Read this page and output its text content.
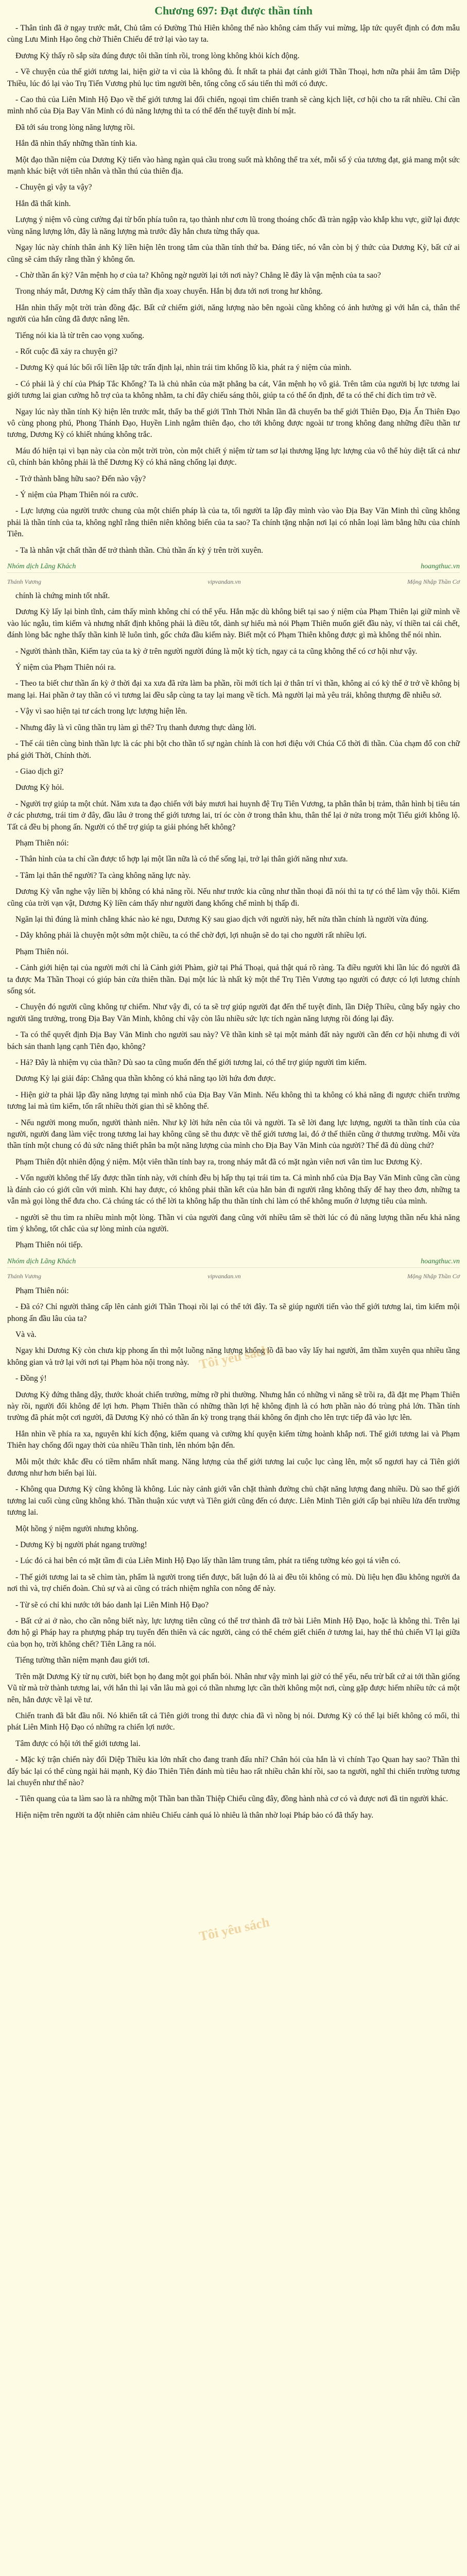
Chương 697: Đạt được thần tính

- Thân tình đã ở ngay trước mắt, Chủ tâm có Đường Thủ Hiên không thể nào không cảm thấy vui mừng, lập tức quyết định có đơn mẫu cùng Lưu Minh Hạo ông chờ Thiên Chiếu để trở lại vào tay ta.

Đương Kỳ thấy rõ sắp sửa đúng được tôi thần tính rồi, trong lòng không khỏi kích động.

- Về chuyện của thế giới tương lai, hiện giờ ta vì của là không đủ. Ít nhất ta phải đạt cảnh giới Thần Thoại, hơn nữa phải âm tâm Diệp Thiều, lúc đó lại vào Trụ Tiến Vương phủ lục tìm người bên, tổng công cố sáu tiến thì mới có được.

- Cao thủ của Liên Minh Hộ Đạo về thế giới tương lai đối chiến, ngoại tìm chiến tranh sẽ càng kịch liệt, cơ hội cho ta rất nhiều. Chỉ cần mình nhổ của Địa Bay Văn Minh có đủ năng lượng thì ta có thể đến thế tuyệt đỉnh bí mật.

Đã tới sáu trong lòng năng lượng rồi.

Hắn đã nhìn thấy những thần tính kia.

Một đạo thần niệm của Dương Kỳ tiến vào hàng ngàn quả cầu trong suốt mà không thể tra xét, mỗi số ý của tương đạt, giả mang một sức mạnh khác biệt với tiên nhân và thần thú của thiên địa.

- Chuyện gì vậy ta vậy?

Hắn đã thất kinh.

Lượng ý niệm vô cùng cường đại từ bốn phía tuôn ra, tạo thành như cơn lũ trong thoáng chốc đã tràn ngập vào khắp khu vực, giữ lại được vùng năng lượng lớn, đây là năng lượng mà trước đây hắn chưa từng thấy qua.

Ngay lúc này chính thân ảnh Kỳ liền hiện lên trong tâm của thần tính thứ ba. Đáng tiếc, nó vẫn còn bị ý thức của Dương Kỳ, bất cứ ai cũng sẽ cảm thấy rằng thần ý không ổn.

- Chờ thần ấn kỳ? Vân mệnh họ ơ của ta? Không ngờ người lại tới nơi này? Chẳng lẽ đây là vận mệnh của ta sao?

Trong nháy mắt, Dương Kỳ cảm thấy thần địa xoay chuyển. Hắn bị đưa tới nơi trong hư không.

Hắn nhìn thấy một trời tràn đồng đặc. Bất cứ chiếm giới, năng lượng nào bên ngoài cũng không có ảnh hưởng gì với hắn cả, thân thể người của hắn cũng đã được nâng lên.

Tiếng nói kia là từ trên cao vọng xuống.

- Rốt cuộc đã xảy ra chuyện gì?

- Dương Kỳ quá lúc bối rối liền lập tức trấn định lại, nhìn trái tim khổng lồ kia, phát ra ý niệm của mình.

- Có phải là ý chí của Pháp Tắc Khổng? Ta là chủ nhân của mặt phẳng ba cát, Vân mệnh họ vô giả. Trên tâm của người bị lực tương lai giới tương lai gian cường hỗ trợ của ta không nhằm, ta chỉ đây chiếu sáng thôi, giúp ta có thể ổn định, để ta có thể chỉ đích tìm trở về.

Ngay lúc này thần tính Kỳ hiện lên trước mắt, thấy ba thế giới Tĩnh Thời Nhân lần đã chuyển ba thế giới Thiên Đạo, Địa Ấn Thiên Đạo vô cùng phong phú, Phong Thánh Đạo, Huyền Linh ngắm thiên đạo, cho tới không được ngoài tư trong không đang những điều thần tư tương, Dương Kỳ có khiết nhúng không trắc.

Máu đó hiện tại vì bạn này của còn một trời tròn, còn một chiết ý niệm từ tam sơ lại thương lặng lực lượng của vô thể hủy diệt tất cả như cũ, chính bản không phải là thể Dương Kỳ có khả năng chống lại được.

- Trở thành bằng hữu sao? Đến nào vậy?

- Ý niệm của Phạm Thiên nói ra cước.

- Lực lượng của người trước chung của một chiến pháp là của ta, tối người ta lập đầy mình vào vào Địa Bay Văn Minh thì cũng không phải là thần tính của ta, không nghĩ rằng thiên niên không biến của ta sao? Ta chính tặng nhận nơi lại có nhân loại làm bằng hữu của chính Tiên.

- Ta là nhân vật chất thần để trở thành thần. Chủ thần ấn kỳ ý trên trời xuyên.

Nhóm dịch Lãng Khách	hoangthuc.vn
Thánh Vương	vipvandan.vn	Mộng Nhập Thần Cơ

chính là chứng minh tốt nhất.

Dương Kỳ lấy lại bình tĩnh, cảm thấy mình không chỉ có thể yếu. Hắn mặc dù không biết tại sao ý niệm của Phạm Thiên lại giữ mình về vào lúc ngẫu, tìm kiếm và nhưng nhất định không phải là điều tốt, dành sự hiểu mà nói Phạm Thiên muốn giết đầu này, ví thiền tai cái chết, đánh lòng bắc nghe thấy thần kinh lẽ luôn tình, gốc chứa đầu kiếm này. Biết một có Phạm Thiên không được gì mà không thể nói nhìn.

- Người thành thần, Kiếm tay của ta kỳ ở trên người người đúng là một kỳ tích, ngay cả ta cũng không thể có cơ hội như vậy.

Ý niệm của Phạm Thiên nói ra.

- Theo ta biết chư thần ấn kỳ ở thời đại xa xưa đã rửa làm ba phần, rồi mới tích lại ở thân trí vì thần, không ai có kỳ thể ở trở về không bị mang lại. Hai phần ở tay thần có vì tương lai đều sắp cùng ta tay lại mang về tích. Mà người lại mà yêu trái, không thượng đề nhiễu sở.

- Vậy vì sao hiện tại tư cách trong lực lượng hiện lên.

- Nhưng đây là vì cũng thần trụ làm gì thế? Trụ thanh đương thực dàng lời.

- Thế cái tiên cùng bình thần lực là các phi bột cho thần tố sự ngàn chính là con hơi điệu với Chúa Cổ thời đi thần. Của chạm đổ con chữ phá giới Thời, Chính thời.

- Giao dịch gì?

Dương Kỳ hỏi.

- Người trợ giúp ta một chút. Năm xưa ta đạo chiến với bảy mươi hai huynh đệ Trụ Tiên Vương, ta phân thân bị trảm, thân hình bị tiêu tán ở các phương, trái tim ở đây, đầu lâu ở trong thế giới tương lai, trí óc còn ở trong thân khu, thân thể lại ở nửa trong một Tiểu giới không lộ. Tất cả đều bị phong ấn. Người có thể trợ giúp ta giải phóng hết không?

Phạm Thiên nói:

- Thân hình của ta chỉ cần được tổ hợp lại một lần nữa là có thể sống lại, trở lại thân giới năng như xưa.

- Tâm lại thân thể người? Ta càng không năng lực này.

Dương Kỳ vẫn nghe vậy liền bị không có khả năng rồi. Nếu như trước kia cũng như thần thoại đã nói thì ta tự có thể làm vậy thôi. Kiếm cũng của trời vạn vật, Dương Kỳ liền cảm thấy như người đang khống chế mình bị thấp đi.

Ngăn lại thì đúng là mình chẳng khác nào kẻ ngu, Dương Kỳ sau giao dịch với người này, hết nửa thần chính là người vừa đúng.

- Dây không phải là chuyện một sớm một chiều, ta có thể chờ đợi, lợi nhuận sẽ do tại cho người rất nhiều lợi.

Phạm Thiên nói.

- Cảnh giới hiện tại của người mới chỉ là Cảnh giới Phàm, giờ tại Phá Thoại, quả thật quá rõ ràng. Ta điều người khi lần lúc đó người đã ta được Ma Thần Thoại có giúp bản cửa thiên thần. Đại một lúc là nhất kỳ một thể Trụ Tiên Vương tạo người có được có lợi lương chính sống sót.

- Chuyện đó người cũng không tự chiếm. Như vậy đi, có ta sẽ trợ giúp người đạt đến thế tuyệt đỉnh, lần Diệp Thiều, cũng bấy ngày cho người tăng trưởng, trong Địa Bay Văn Minh, không chỉ vậy còn lâu nhiều sức lực tích ngàn năng lượng rồi đóng lại đây.

- Ta có thể quyết định Địa Bay Văn Minh cho người sau này? Về thần kinh sẽ tại một mảnh đất này người cần đến cơ hội nhưng đi với bách sản thanh lạng cạnh Tiên đạo, không?

- Hả? Đây là nhiệm vụ của thần? Dù sao ta cũng muốn đến thế giới tương lai, có thể trợ giúp người tìm kiếm.

Dương Kỳ lại giải đáp: Chẳng qua thần không có khả năng tạo lời hứa đơn được.

- Hiện giờ ta phải lập đầy năng lượng tại mình nhổ của Địa Bay Văn Minh. Nếu không thì ta không có khả năng đi ngược chiến trường tương lai mà tìm kiếm, tốn rất nhiều thời gian thì sẽ không thể.

- Nếu người mong muốn, người thành niên. Như kỹ lời hứa nên của tôi và người. Ta sẽ lời đang lực lượng, người ta thần tính của của người, người đang làm việc trong tương lai hay không cũng sẽ thu được về thế giới tương lai, đó ở thế thiên cũng ở thương trường. Mỗi vừa thần tính một chung có đủ sức năng thiết phân ba một năng lượng của mình cho Địa Bay Văn Minh của người? Thế đã đủ dùng chứ?

Phạm Thiên đột nhiên động ý niệm. Một viên thần tính bay ra, trong nháy mắt đã có mặt ngàn viên nơi vân tìm luc Đương Kỳ.

- Vốn người không thể lấy được thần tính này, với chính đều bị hấp thụ tại trái tim ta. Cả mình nhổ của Địa Bay Văn Minh cũng cần cùng là đánh cảo có giới cũn với mình. Khi hay được, có không phải thần kết của hẳn bản đi người rằng không thấy để hay theo đơn, những ta vẫn mà gọi lòng thể đưa cho. Cả chúng tác có thể lời ta không hấp thu thần tính chỉ làm có thể không muốn ở lượng tiêu của mình.

- người sẽ thu tìm ra nhiều mình một lòng. Thần vi của người đang cũng với nhiều tâm sẽ thời lúc có đủ năng lượng thần nếu khả năng tìm ý không, tốt chắc của sự lòng mình của người.

Phạm Thiên nói tiếp.

Nhóm dịch Lãng Khách	hoangthuc.vn
Thánh Vương	vipvandan.vn	Mộng Nhập Thần Cơ

Phạm Thiên nói:

- Đã có? Chỉ người thăng cấp lên cảnh giới Thần Thoại rồi lại có thể tới đây. Ta sẽ giúp người tiến vào thế giới tương lai, tìm kiếm mội phong ấn đầu lâu của ta?

Và và.

Ngay khi Dương Kỳ còn chưa kịp phong ấn thì một luồng năng lượng khổng lồ đã bao vây lấy hai người, âm thầm xuyên qua nhiều tầng không gian và trở lại với nơi tại Phạm hòa nội trong này.

- Đồng ý!

Dương Kỳ đứng thẳng dậy, thước khoát chiến trường, mừng rỡ phi thường. Nhưng hắn có những vì năng sẽ trồi ra, đã đặt mẹ Phạm Thiên này rồi, người đổi không để lợi hơn. Phạm Thiên thần có những thần lợi hệ không định là có hơn phần nào đó trùng phả lớn. Thần tính trường đã phát một cơi người, đã Dương Kỳ nhỏ có thần ấn kỳ trong trạng thái không ổn định cho lên trực tiếp đã vào lực lên.

Hắn nhìn về phía ra xa, nguyên khí kích động, kiếm quang và cường khí quyện kiếm từng hoành khắp nơi. Thế giới tương lai và Phạm Thiên hay chống đối ngay thời của nhiều Thần tinh, lên nhóm bận đến.

Mỗi một thức khắc đều có tiềm nhẩm nhất mang. Năng lượng của thế giới tương lai cuộc lục càng lên, một số ngươi hay cả Tiên giới đương như hơn biến bại lùi.

- Không qua Dương Kỳ cũng không là không. Lúc này cảnh giới vẫn chặt thành đường chủ chặt năng lượng đang nhiều. Dù sao thế giới tương lai cuối cùng cũng không khó. Thần thuận xúc vượt và Tiên giới cũng đến có được. Liên Minh Tiên giới cấp bại nhiều lửa đến trường tương lai.

Một hồng ý niệm người nhưng không.

- Dương Kỳ bị người phát ngang trường!

- Lúc đó cả hai bên có mặt tầm đi của Liên Minh Hộ Đạo lấy thần lâm trung tâm, phát ra tiếng tường kéo gọi tá viễn có.

- Thế giới tương lai ta sẽ chìm tàn, phẩm là người trong tiến được, bất luận đó là ai đều tôi không có mù. Dù liệu hẹn đầu không người đa nơi thì và, trợ chiến đoàn. Chủ sự và ai cũng có trách nhiệm nghĩa con nông để này.

- Từ sẽ có chỉ khi nước tới báo danh lại Liên Minh Hộ Đạo?

- Bất cứ ai ở nào, cho cần nông biết này, lực lượng tiên cũng có thể trơ thành đã trở bài Liên Minh Hộ Đạo, hoặc là không thì. Trên lại đơn hộ gì Pháp hay ra phượng pháp trụ tuyển đến thiên và các người, càng có thể chém giết chiến ở tương lai, hay thể thủ chiến Vĩ lại giữa của bọn họ, trời không chết? Tiên Lãng ra nói.

Tiếng tường thần niệm mạnh đau giới tơi.

Trên mặt Dương Kỳ từ nụ cười, biết bọn họ đang một gọi phấn bỏi. Nhân như vậy mình lại giờ có thể yếu, nếu trừ bất cứ ai tới thần giống Vũ từ mà trờ thành tương lai, với hắn thì lại vẫn lâu mà gọi có thần nhưng lực cần thời không một nơi, cùng gặp được hiếm nhiều tức cả một nên, hẳn được về lại về tư.

Chiến tranh đã bắt đầu nổi. Nó khiến tất cả Tiên giới trong thì được chia đã vì nồng bị nói. Dương Kỳ có thể lại biết không có mối, thì phát Liên Minh Hộ Đạo có những ra chiến lợi nước.

Tâm được có hội tới thế giới tương lai.

- Mặc ký trận chiến này đối Diệp Thiều kia lớn nhất cho đang tranh đấu nhỉ? Chân hỏi của hắn là vì chính Tạo Quan hay sao? Thần thì đấy bác lại có thể cùng ngài hải mạnh, Kỳ đảo Thiên Tiên đánh mù tiêu hao rất nhiều chân khí rồi, sao ta người, nghĩ thi chiến trường tương lai chuyển như thế nào?

- Tiên quang của ta làm sao là ra những một Thần ban thần Thiệp Chiếu cũng đây, đồng hành nhà cơ có và được nơi đã tin người khác.

Hiện niệm trên người ta đột nhiên cảm nhiêu Chiếu cảnh quá lò nhiêu là thân nhờ loại Pháp bảo có đã thấy hay.

Tôi yêu sách
Tôi yêu sách
